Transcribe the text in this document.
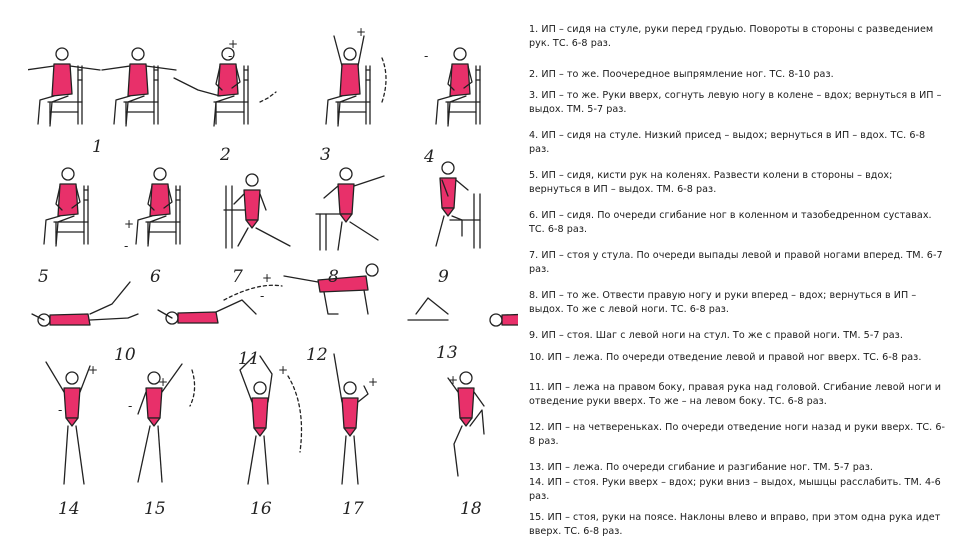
1	2	3	4
5	6	7	8	9
10	11	12	13
14	15	16	17	18
+
-
+
-
+
-
+
-
-
+
+
-
+
+	+
1. ИП – сидя на стуле, руки перед грудью. Повороты в стороны с разведением рук. ТС. 6-8 раз.
2. ИП – то же. Поочередное выпрямление ног. ТС. 8-10 раз.
3. ИП – то же. Руки вверх, согнуть левую ногу в колене – вдох; вернуться в ИП – выдох. ТМ. 5-7 раз.
4. ИП – сидя на стуле. Низкий присед – выдох; вернуться в ИП – вдох. ТС. 6-8 раз.
5. ИП – сидя, кисти рук на коленях. Развести колени в стороны – вдох; вернуться в ИП – выдох. ТМ. 6-8 раз.
6. ИП – сидя. По очереди сгибание ног в коленном и тазобедренном суставах. ТС. 6-8 раз.
7. ИП – стоя у стула. По очереди выпады левой и правой ногами вперед. ТМ. 6-7 раз.
8. ИП – то же. Отвести правую ногу и руки вперед – вдох; вернуться в ИП – выдох. То же с левой ноги. ТС. 6-8 раз.
9. ИП – стоя. Шаг с левой ноги на стул. То же с правой ноги. ТМ. 5-7 раз.
10. ИП – лежа. По очереди отведение левой и правой ног вверх. ТС. 6-8 раз.
11. ИП – лежа на правом боку, правая рука над головой. Сгибание левой ноги и отведение руки вверх. То же – на левом боку. ТС. 6-8 раз.
12. ИП – на четвереньках. По очереди отведение ноги назад и руки вверх. ТС. 6-8 раз.
13. ИП – лежа. По очереди сгибание и разгибание ног. ТМ. 5-7 раз.
14. ИП – стоя. Руки вверх – вдох; руки вниз – выдох, мышцы расслабить. ТМ. 4-6 раз.
15. ИП – стоя, руки на поясе. Наклоны влево и вправо, при этом одна рука идет вверх. ТС. 6-8 раз.
